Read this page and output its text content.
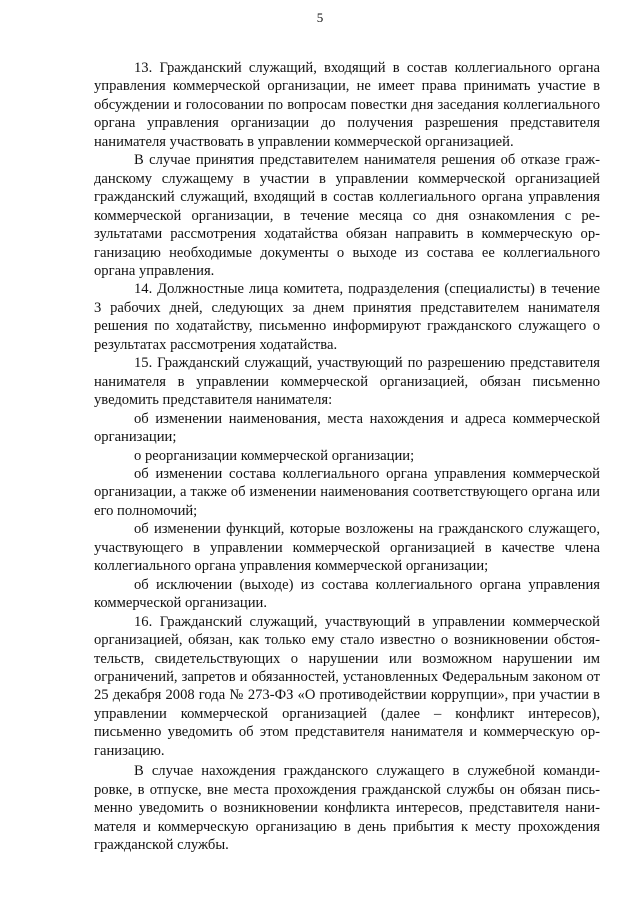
5

13. Гражданский служащий, входящий в состав коллегиального органа управления коммерческой организации, не имеет права принимать участие в обсуждении и голосовании по вопросам повестки дня заседания коллегиального органа управления организации до получения разрешения представителя нанимателя участвовать в управлении коммерческой организацией.

В случае принятия представителем нанимателя решения об отказе гражданскому служащему в участии в управлении коммерческой организацией гражданский служащий, входящий в состав коллегиального органа управления коммерческой организации, в течение месяца со дня ознакомления с результатами рассмотрения ходатайства обязан направить в коммерческую организацию необходимые документы о выходе из состава ее коллегиального органа управления.

14. Должностные лица комитета, подразделения (специалисты) в течение 3 рабочих дней, следующих за днем принятия представителем нанимателя решения по ходатайству, письменно информируют гражданского служащего о результатах рассмотрения ходатайства.

15. Гражданский служащий, участвующий по разрешению представителя нанимателя в управлении коммерческой организацией, обязан письменно уведомить представителя нанимателя:

об изменении наименования, места нахождения и адреса коммерческой организации;

о реорганизации коммерческой организации;

об изменении состава коллегиального органа управления коммерческой организации, а также об изменении наименования соответствующего органа или его полномочий;

об изменении функций, которые возложены на гражданского служащего, участвующего в управлении коммерческой организацией в качестве члена коллегиального органа управления коммерческой организации;

об исключении (выходе) из состава коллегиального органа управления коммерческой организации.

16. Гражданский служащий, участвующий в управлении коммерческой организацией, обязан, как только ему стало известно о возникновении обстоятельств, свидетельствующих о нарушении или возможном нарушении им ограничений, запретов и обязанностей, установленных Федеральным законом от 25 декабря 2008 года № 273-ФЗ «О противодействии коррупции», при участии в управлении коммерческой организацией (далее – конфликт интересов), письменно уведомить об этом представителя нанимателя и коммерческую организацию.

В случае нахождения гражданского служащего в служебной командировке, в отпуске, вне места прохождения гражданской службы он обязан письменно уведомить о возникновении конфликта интересов, представителя нанимателя и коммерческую организацию в день прибытия к месту прохождения гражданской службы.
